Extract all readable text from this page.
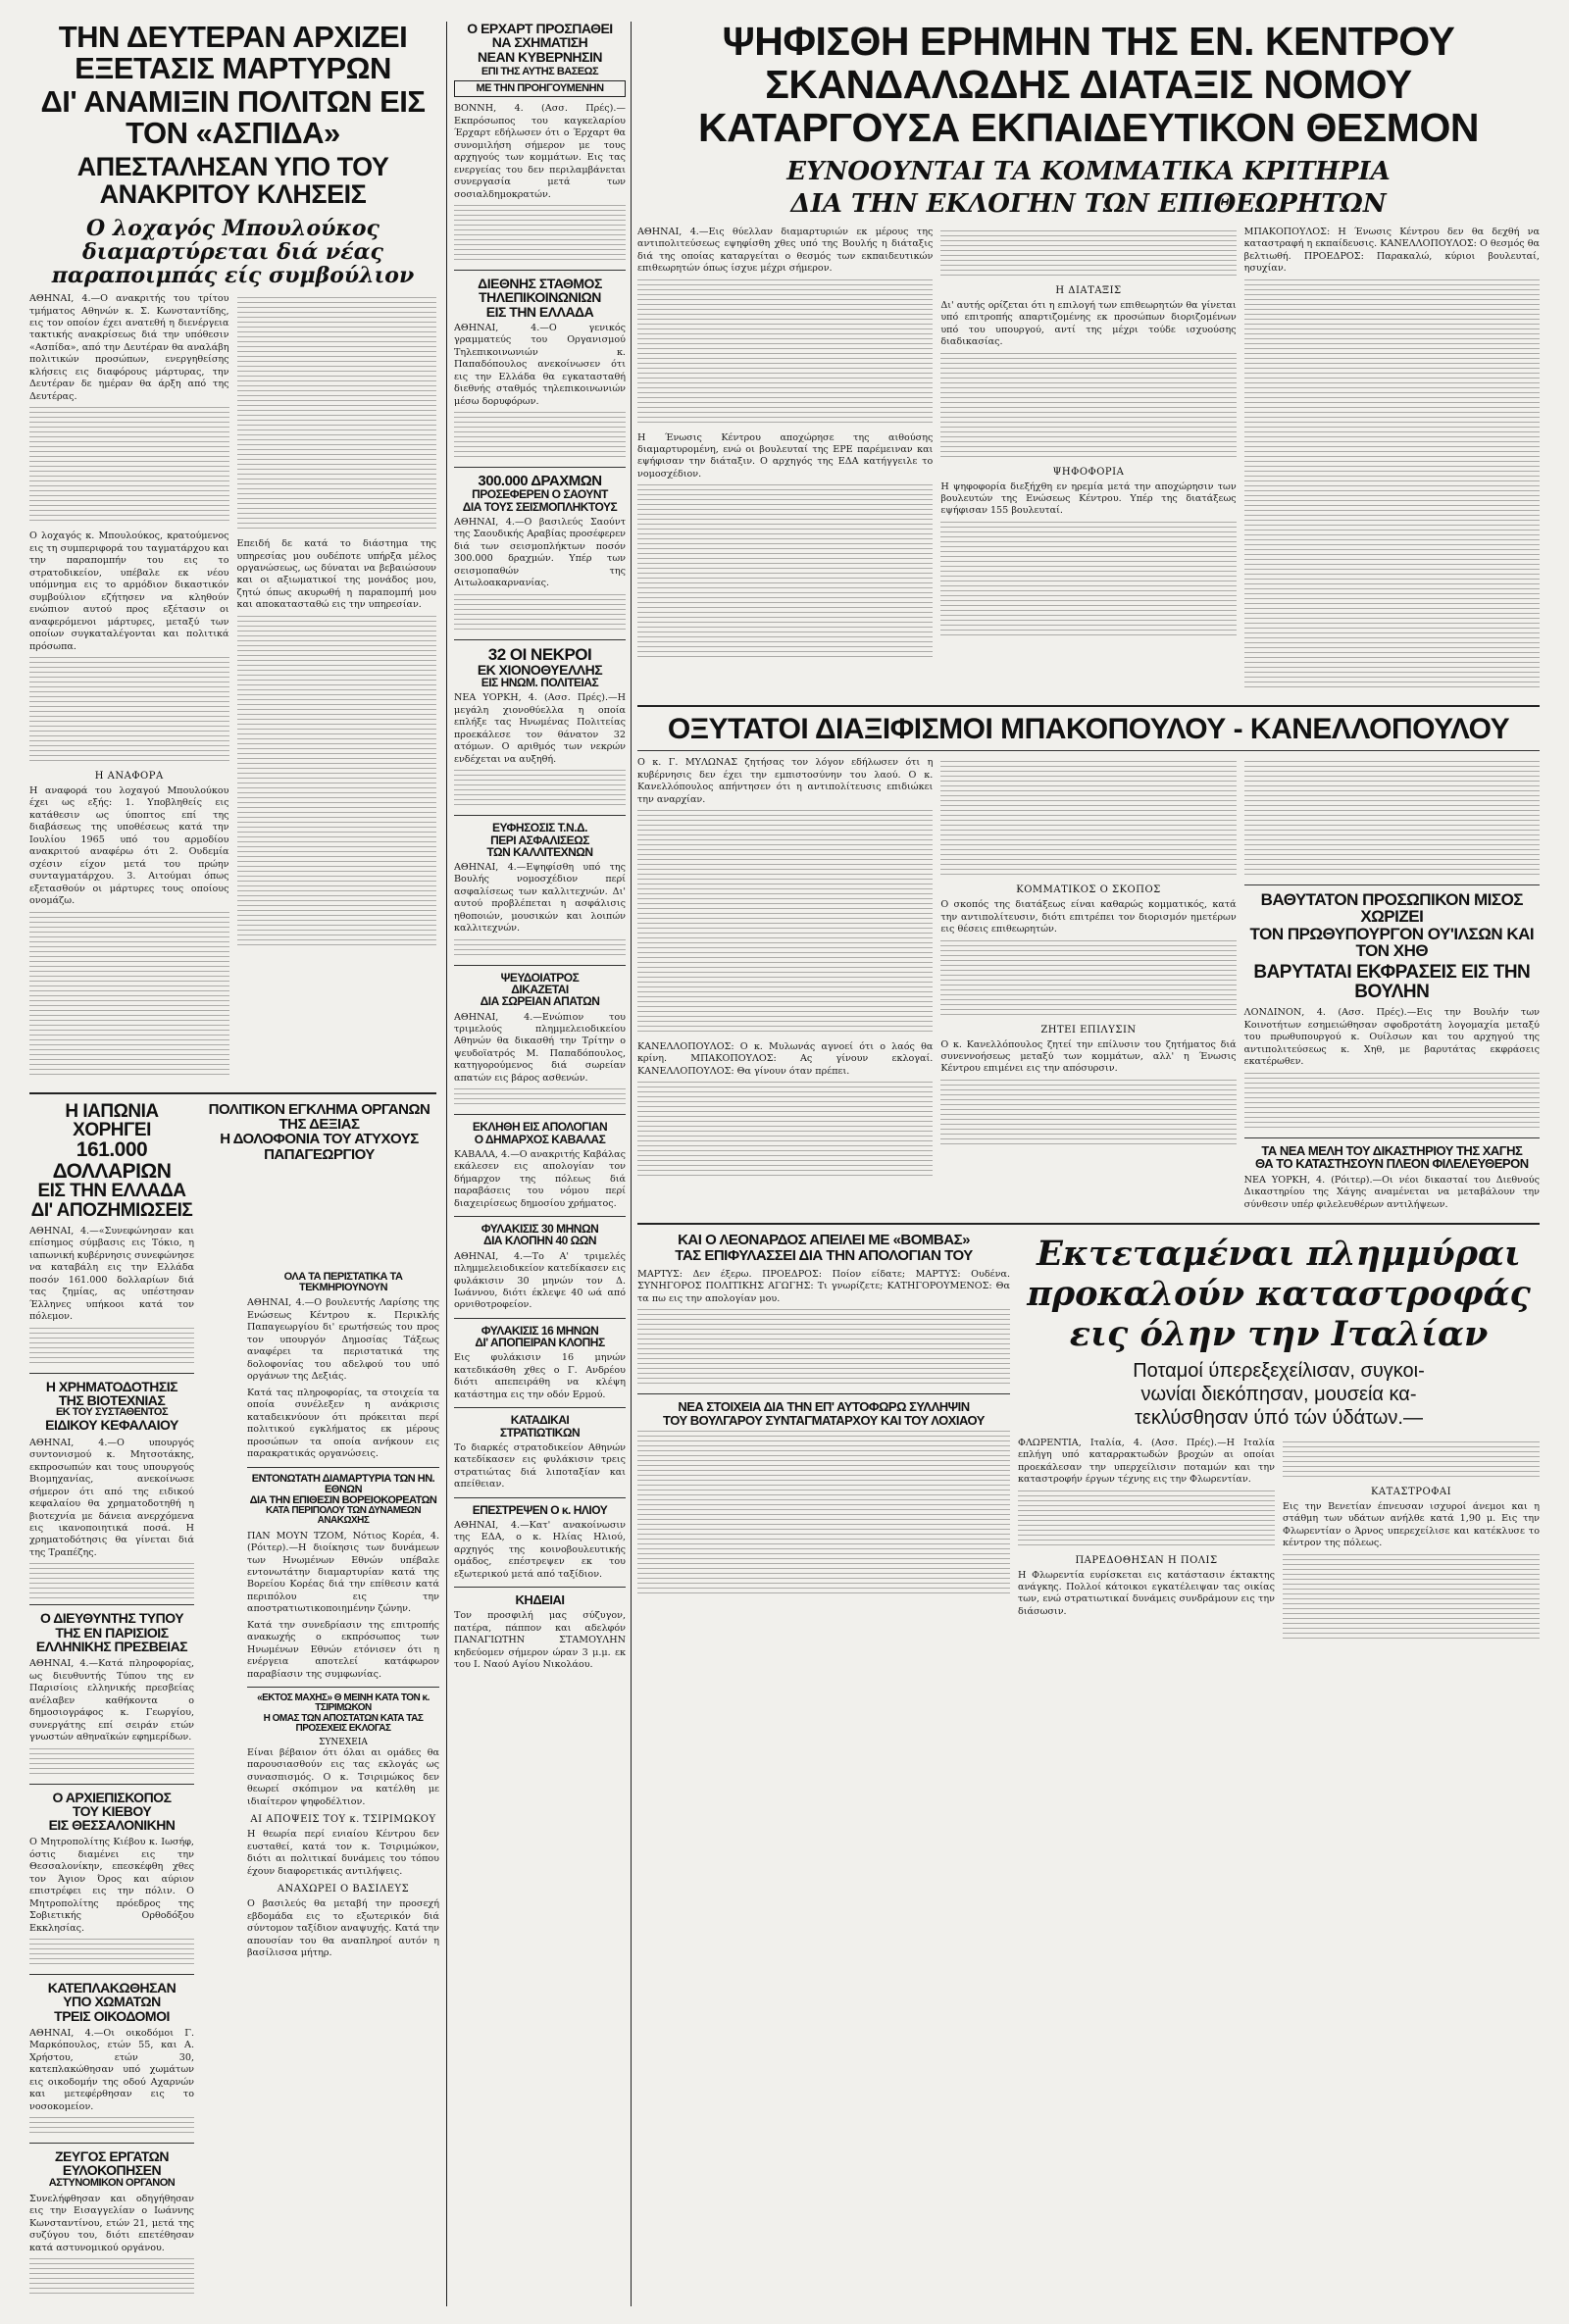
ΤΗΝ ΔΕΥΤΕΡΑΝ ΑΡΧΙΖΕΙ ΕΞΕΤΑΣΙΣ ΜΑΡΤΥΡΩΝ
ΔΙ' ΑΝΑΜΙΞΙΝ ΠΟΛΙΤΩΝ ΕΙΣ ΤΟΝ «ΑΣΠΙΔΑ»
ΑΠΕΣΤΑΛΗΣΑΝ ΥΠΟ ΤΟΥ ΑΝΑΚΡΙΤΟΥ ΚΛΗΣΕΙΣ
Ο λοχαγός Μπουλούκος διαμαρτύρεται διά νέας παραποιμπάς είς συμβούλιον

ΑΘΗΝΑΙ, 4.—Ο ανακριτής του τρίτου τμήματος Αθηνών κ. Σ. Κωνσταντίδης, εις τον οποίον έχει ανατεθή η διενέργεια τακτικής ανακρίσεως διά την υπόθεσιν «Ασπίδα», από την Δευτέραν θα αναλάβη πολιτικών προσώπων, ενεργηθείσης κλήσεις εις διαφόρους μάρτυρας, την Δευτέραν δε ημέραν θα άρξη από της Δευτέρας.

Ο λοχαγός κ. Μπουλούκος, κρατούμενος εις τη συμπεριφορά του ταγματάρχου και την παραπομπήν του εις το στρατοδικείον, υπέβαλε εκ νέου υπόμνημα εις το αρμόδιον δικαστικόν συμβούλιον εζήτησεν να κληθούν ενώπιον αυτού προς εξέτασιν οι αναφερόμενοι μάρτυρες, μεταξύ των οποίων συγκαταλέγονται και πολιτικά πρόσωπα.

Η ΑΝΑΦΟΡΑ

Η αναφορά του λοχαγού Μπουλούκου έχει ως εξής: 1. Υποβληθείς εις κατάθεσιν ως ύποπτος επί της διαβάσεως της υποθέσεως κατά την Ιουλίου 1965 υπό του αρμοδίου ανακριτού αναφέρω ότι 2. Ουδεμία σχέσιν είχον μετά του πρώην συνταγματάρχου. 3. Αιτούμαι όπως εξετασθούν οι μάρτυρες τους οποίους ονομάζω.

Επειδή δε κατά το διάστημα της υπηρεσίας μου ουδέποτε υπήρξα μέλος οργανώσεως, ως δύναται να βεβαιώσουν και οι αξιωματικοί της μονάδος μου, ζητώ όπως ακυρωθή η παραπομπή μου και αποκατασταθώ εις την υπηρεσίαν.

Η ΙΑΠΩΝΙΑ ΧΟΡΗΓΕΙ
161.000 ΔΟΛΛΑΡΙΩΝ
ΕΙΣ ΤΗΝ ΕΛΛΑΔΑ
ΔΙ' ΑΠΟΖΗΜΙΩΣΕΙΣ

ΑΘΗΝΑΙ, 4.—«Συνεφώνησαν και επίσημος σύμβασις εις Τόκιο, η ιαπωνική κυβέρνησις συνεφώνησε να καταβάλη εις την Ελλάδα ποσόν 161.000 δολλαρίων διά τας ζημίας, ας υπέστησαν Έλληνες υπήκοοι κατά τον πόλεμον.

Η ΧΡΗΜΑΤΟΔΟΤΗΣΙΣ
ΤΗΣ ΒΙΟΤΕΧΝΙΑΣ
ΕΚ ΤΟΥ ΣΥΣΤΑΘΕΝΤΟΣ
ΕΙΔΙΚΟΥ ΚΕΦΑΛΑΙΟΥ

ΑΘΗΝΑΙ, 4.—Ο υπουργός συντονισμού κ. Μητσοτάκης, εκπροσωπών και τους υπουργούς Βιομηχανίας, ανεκοίνωσε σήμερον ότι από της ειδικού κεφαλαίου θα χρηματοδοτηθή η βιοτεχνία με δάνεια ανερχόμενα εις ικανοποιητικά ποσά. Η χρηματοδότησις θα γίνεται διά της Τραπέζης.

Ο ΔΙΕΥΘΥΝΤΗΣ ΤΥΠΟΥ
ΤΗΣ ΕΝ ΠΑΡΙΣΙΟΙΣ
ΕΛΛΗΝΙΚΗΣ ΠΡΕΣΒΕΙΑΣ

ΑΘΗΝΑΙ, 4.—Κατά πληροφορίας, ως διευθυντής Τύπου της εν Παρισίοις ελληνικής πρεσβείας ανέλαβεν καθήκοντα ο δημοσιογράφος κ. Γεωργίου, συνεργάτης επί σειράν ετών γνωστών αθηναϊκών εφημερίδων.

Ο ΑΡΧΙΕΠΙΣΚΟΠΟΣ
ΤΟΥ ΚΙΕΒΟΥ
ΕΙΣ ΘΕΣΣΑΛΟΝΙΚΗΝ

Ο Μητροπολίτης Κιέβου κ. Ιωσήφ, όστις διαμένει εις την Θεσσαλονίκην, επεσκέφθη χθες τον Άγιον Όρος και αύριον επιστρέφει εις την πόλιν. Ο Μητροπολίτης πρόεδρος της Σοβιετικής Ορθοδόξου Εκκλησίας.

ΚΑΤΕΠΛΑΚΩΘΗΣΑΝ
ΥΠΟ ΧΩΜΑΤΩΝ
ΤΡΕΙΣ ΟΙΚΟΔΟΜΟΙ

ΑΘΗΝΑΙ, 4.—Οι οικοδόμοι Γ. Μαρκόπουλος, ετών 55, και Α. Χρήστου, ετών 30, κατεπλακώθησαν υπό χωμάτων εις οικοδομήν της οδού Αχαρνών και μετεφέρθησαν εις το νοσοκομείον.

ΖΕΥΓΟΣ ΕΡΓΑΤΩΝ
ΕΥΛΟΚΟΠΗΣΕΝ
ΑΣΤΥΝΟΜΙΚΟΝ ΟΡΓΑΝΟΝ

Συνελήφθησαν και οδηγήθησαν εις την Εισαγγελίαν ο Ιωάννης Κωνσταντίνου, ετών 21, μετά της συζύγου του, διότι επετέθησαν κατά αστυνομικού οργάνου.

ΠΟΛΙΤΙΚΟΝ ΕΓΚΛΗΜΑ ΟΡΓΑΝΩΝ ΤΗΣ ΔΕΞΙΑΣ
Η ΔΟΛΟΦΟΝΙΑ ΤΟΥ ΑΤΥΧΟΥΣ ΠΑΠΑΓΕΩΡΓΙΟΥ
Ο ΕΡΧΑΡΤ ΠΡΟΣΠΑΘΕΙ
ΝΑ ΣΧΗΜΑΤΙΣΗ
ΝΕΑΝ ΚΥΒΕΡΝΗΣΙΝ
ΕΠΙ ΤΗΣ ΑΥΤΗΣ ΒΑΣΕΩΣ
ΜΕ ΤΗΝ ΠΡΟΗΓΟΥΜΕΝΗΝ

ΒΟΝΝΗ, 4. (Ασσ. Πρές).—Εκπρόσωπος του καγκελαρίου Έρχαρτ εδήλωσεν ότι ο Έρχαρτ θα συνομιλήση σήμερον με τους αρχηγούς των κομμάτων. Εις τας ενεργείας του δεν περιλαμβάνεται συνεργασία μετά των σοσιαλδημοκρατών.

ΔΙΕΘΝΗΣ ΣΤΑΘΜΟΣ
ΤΗΛΕΠΙΚΟΙΝΩΝΙΩΝ
ΕΙΣ ΤΗΝ ΕΛΛΑΔΑ

ΑΘΗΝΑΙ, 4.—Ο γενικός γραμματεύς του Οργανισμού Τηλεπικοινωνιών κ. Παπαδόπουλος ανεκοίνωσεν ότι εις την Ελλάδα θα εγκατασταθή διεθνής σταθμός τηλεπικοινωνιών μέσω δορυφόρων.

300.000 ΔΡΑΧΜΩΝ
ΠΡΟΣΕΦΕΡΕΝ Ο ΣΑΟΥΝΤ
ΔΙΑ ΤΟΥΣ ΣΕΙΣΜΟΠΛΗΚΤΟΥΣ

ΑΘΗΝΑΙ, 4.—Ο βασιλεύς Σαούντ της Σαουδικής Αραβίας προσέφερεν διά των σεισμοπλήκτων ποσόν 300.000 δραχμών. Υπέρ των σεισμοπαθών της Αιτωλοακαρνανίας.

32 ΟΙ ΝΕΚΡΟΙ
ΕΚ ΧΙΟΝΟΘΥΕΛΛΗΣ
ΕΙΣ ΗΝΩΜ. ΠΟΛΙΤΕΙΑΣ

ΝΕΑ ΥΟΡΚΗ, 4. (Ασσ. Πρές).—Η μεγάλη χιονοθύελλα η οποία επλήξε τας Ηνωμένας Πολιτείας προεκάλεσε τον θάνατον 32 ατόμων. Ο αριθμός των νεκρών ενδέχεται να αυξηθή.

ΕΥΦΗΣΟΣΙΣ Τ.Ν.Δ.
ΠΕΡΙ ΑΣΦΑΛΙΣΕΩΣ
ΤΩΝ ΚΑΛΛΙΤΕΧΝΩΝ

ΑΘΗΝΑΙ, 4.—Εψηφίσθη υπό της Βουλής νομοσχέδιον περί ασφαλίσεως των καλλιτεχνών. Δι' αυτού προβλέπεται η ασφάλισις ηθοποιών, μουσικών και λοιπών καλλιτεχνών.

ΨΕΥΔΟΙΑΤΡΟΣ
ΔΙΚΑΖΕΤΑΙ
ΔΙΑ ΣΩΡΕΙΑΝ ΑΠΑΤΩΝ

ΑΘΗΝΑΙ, 4.—Ενώπιον του τριμελούς πλημμελειοδικείου Αθηνών θα δικασθή την Τρίτην ο ψευδοϊατρός Μ. Παπαδόπουλος, κατηγορούμενος διά σωρείαν απατών εις βάρος ασθενών.

ΕΚΛΗΘΗ ΕΙΣ ΑΠΟΛΟΓΙΑΝ
Ο ΔΗΜΑΡΧΟΣ ΚΑΒΑΛΑΣ

ΚΑΒΑΛΑ, 4.—Ο ανακριτής Καβάλας εκάλεσεν εις απολογίαν τον δήμαρχον της πόλεως διά παραβάσεις του νόμου περί διαχειρίσεως δημοσίου χρήματος.

ΦΥΛΑΚΙΣΙΣ 30 ΜΗΝΩΝ
ΔΙΑ ΚΛΟΠΗΝ 40 ΩΩΝ

ΑΘΗΝΑΙ, 4.—Το Α' τριμελές πλημμελειοδικείον κατεδίκασεν εις φυλάκισιν 30 μηνών τον Δ. Ιωάννου, διότι έκλεψε 40 ωά από ορνιθοτροφείον.

ΦΥΛΑΚΙΣΙΣ 16 ΜΗΝΩΝ
ΔΙ' ΑΠΟΠΕΙΡΑΝ ΚΛΟΠΗΣ

Εις φυλάκισιν 16 μηνών κατεδικάσθη χθες ο Γ. Ανδρέου διότι απεπειράθη να κλέψη κατάστημα εις την οδόν Ερμού.

ΚΑΤΑΔΙΚΑΙ
ΣΤΡΑΤΙΩΤΙΚΩΝ

Το διαρκές στρατοδικείον Αθηνών κατεδίκασεν εις φυλάκισιν τρεις στρατιώτας διά λιποταξίαν και απείθειαν.

ΕΠΕΣΤΡΕΨΕΝ Ο κ. ΗΛΙΟΥ

ΑΘΗΝΑΙ, 4.—Κατ' ανακοίνωσιν της ΕΔΑ, ο κ. Ηλίας Ηλιού, αρχηγός της κοινοβουλευτικής ομάδος, επέστρεψεν εκ του εξωτερικού μετά από ταξίδιον.

ΚΗΔΕΙΑΙ

Τον προσφιλή μας σύζυγον, πατέρα, πάππον και αδελφόν ΠΑΝΑΓΙΩΤΗΝ ΣΤΑΜΟΥΛΗΝ κηδεύομεν σήμερον ώραν 3 μ.μ. εκ του Ι. Ναού Αγίου Νικολάου.

ΨΗΦΙΣΘΗ ΕΡΗΜΗΝ ΤΗΣ ΕΝ. ΚΕΝΤΡΟΥ
ΣΚΑΝΔΑΛΩΔΗΣ ΔΙΑΤΑΞΙΣ ΝΟΜΟΥ
ΚΑΤΑΡΓΟΥΣΑ ΕΚΠΑΙΔΕΥΤΙΚΟΝ ΘΕΣΜΟΝ
ΕΥΝΟΟΥΝΤΑΙ ΤΑ ΚΟΜΜΑΤΙΚΑ ΚΡΙΤΗΡΙΑ
ΔΙΑ ΤΗΝ ΕΚΛΟΓΗΝ ΤΩΝ ΕΠΙΘΕΩΡΗΤΩΝ

ΑΘΗΝΑΙ, 4.—Εις θύελλαν διαμαρτυριών εκ μέρους της αντιπολιτεύσεως εψηφίσθη χθες υπό της Βουλής η διάταξις διά της οποίας καταργείται ο θεσμός των εκπαιδευτικών επιθεωρητών όπως ίσχυε μέχρι σήμερον.

Η Ένωσις Κέντρου αποχώρησε της αιθούσης διαμαρτυρομένη, ενώ οι βουλευταί της ΕΡΕ παρέμειναν και εψήφισαν την διάταξιν. Ο αρχηγός της ΕΔΑ κατήγγειλε το νομοσχέδιον.

Η ΔΙΑΤΑΞΙΣ

Δι' αυτής ορίζεται ότι η επιλογή των επιθεωρητών θα γίνεται υπό επιτροπής απαρτιζομένης εκ προσώπων διοριζομένων υπό του υπουργού, αντί της μέχρι τούδε ισχυούσης διαδικασίας.

ΨΗΦΟΦΟΡΙΑ

Η ψηφοφορία διεξήχθη εν ηρεμία μετά την αποχώρησιν των βουλευτών της Ενώσεως Κέντρου. Υπέρ της διατάξεως εψήφισαν 155 βουλευταί.

ΜΠΑΚΟΠΟΥΛΟΣ: Η Ένωσις Κέντρου δεν θα δεχθή να καταστραφή η εκπαίδευσις. ΚΑΝΕΛΛΟΠΟΥΛΟΣ: Ο θεσμός θα βελτιωθή. ΠΡΟΕΔΡΟΣ: Παρακαλώ, κύριοι βουλευταί, ησυχίαν.

ΟΞΥΤΑΤΟΙ ΔΙΑΞΙΦΙΣΜΟΙ ΜΠΑΚΟΠΟΥΛΟΥ - ΚΑΝΕΛΛΟΠΟΥΛΟΥ

Ο κ. Γ. ΜΥΛΩΝΑΣ ζητήσας τον λόγον εδήλωσεν ότι η κυβέρνησις δεν έχει την εμπιστοσύνην του λαού. Ο κ. Κανελλόπουλος απήντησεν ότι η αντιπολίτευσις επιδιώκει την αναρχίαν.

ΚΑΝΕΛΛΟΠΟΥΛΟΣ: Ο κ. Μυλωνάς αγνοεί ότι ο λαός θα κρίνη. ΜΠΑΚΟΠΟΥΛΟΣ: Ας γίνουν εκλογαί. ΚΑΝΕΛΛΟΠΟΥΛΟΣ: Θα γίνουν όταν πρέπει.

ΚΟΜΜΑΤΙΚΟΣ Ο ΣΚΟΠΟΣ

Ο σκοπός της διατάξεως είναι καθαρώς κομματικός, κατά την αντιπολίτευσιν, διότι επιτρέπει τον διορισμόν ημετέρων εις θέσεις επιθεωρητών.

ΖΗΤΕΙ ΕΠΙΛΥΣΙΝ

Ο κ. Κανελλόπουλος ζητεί την επίλυσιν του ζητήματος διά συνεννοήσεως μεταξύ των κομμάτων, αλλ' η Ένωσις Κέντρου επιμένει εις την απόσυρσιν.

ΒΑΘΥΤΑΤΟΝ ΠΡΟΣΩΠΙΚΟΝ ΜΙΣΟΣ ΧΩΡΙΖΕΙ
ΤΟΝ ΠΡΩΘΥΠΟΥΡΓΟΝ ΟΥ'ΙΛΣΩΝ ΚΑΙ ΤΟΝ ΧΗΘ
ΒΑΡΥΤΑΤΑΙ ΕΚΦΡΑΣΕΙΣ ΕΙΣ ΤΗΝ ΒΟΥΛΗΝ

ΛΟΝΔΙΝΟΝ, 4. (Ασσ. Πρές).—Εις την Βουλήν των Κοινοτήτων εσημειώθησαν σφοδροτάτη λογομαχία μεταξύ του πρωθυπουργού κ. Ουίλσων και του αρχηγού της αντιπολιτεύσεως κ. Χηθ, με βαρυτάτας εκφράσεις εκατέρωθεν.

ΤΑ ΝΕΑ ΜΕΛΗ ΤΟΥ ΔΙΚΑΣΤΗΡΙΟΥ ΤΗΣ ΧΑΓΗΣ
ΘΑ ΤΟ ΚΑΤΑΣΤΗΣΟΥΝ ΠΛΕΟΝ ΦΙΛΕΛΕΥΘΕΡΟΝ

ΝΕΑ ΥΟΡΚΗ, 4. (Ρόιτερ).—Οι νέοι δικασταί του Διεθνούς Δικαστηρίου της Χάγης αναμένεται να μεταβάλουν την σύνθεσιν υπέρ φιλελευθέρων αντιλήψεων.

ΚΑΙ Ο ΛΕΟΝΑΡΔΟΣ ΑΠΕΙΛΕΙ ΜΕ «ΒΟΜΒΑΣ»
ΤΑΣ ΕΠΙΦΥΛΑΣΣΕΙ ΔΙΑ ΤΗΝ ΑΠΟΛΟΓΙΑΝ ΤΟΥ

ΜΑΡΤΥΣ: Δεν έξερω. ΠΡΟΕΔΡΟΣ: Ποίον είδατε; ΜΑΡΤΥΣ: Ουδένα. ΣΥΝΗΓΟΡΟΣ ΠΟΛΙΤΙΚΗΣ ΑΓΩΓΗΣ: Τι γνωρίζετε; ΚΑΤΗΓΟΡΟΥΜΕΝΟΣ: Θα τα πω εις την απολογίαν μου.

ΝΕΑ ΣΤΟΙΧΕΙΑ ΔΙΑ ΤΗΝ ΕΠ' ΑΥΤΟΦΩΡΩ ΣΥΛΛΗΨΙΝ
ΤΟΥ ΒΟΥΛΓΑΡΟΥ ΣΥΝΤΑΓΜΑΤΑΡΧΟΥ ΚΑΙ ΤΟΥ ΛΟΧΙΑΟΥ
Εκτεταμέναι πλημμύραι
προκαλούν καταστροφάς
εις όλην την Ιταλίαν
Ποταμοί ύπερεξεχείλισαν, συγκοι-
νωνίαι διεκόπησαν, μουσεία κα-
τεκλύσθησαν ύπό τών ύδάτων.—

ΦΛΩΡΕΝΤΙΑ, Ιταλία, 4. (Ασσ. Πρές).—Η Ιταλία επλήγη υπό καταρρακτωδών βροχών αι οποίαι προεκάλεσαν την υπερχείλισιν ποταμών και την καταστροφήν έργων τέχνης εις την Φλωρεντίαν.

ΠΑΡΕΔΟΘΗΣΑΝ Η ΠΟΛΙΣ

Η Φλωρεντία ευρίσκεται εις κατάστασιν έκτακτης ανάγκης. Πολλοί κάτοικοι εγκατέλειψαν τας οικίας των, ενώ στρατιωτικαί δυνάμεις συνδράμουν εις την διάσωσιν.

ΚΑΤΑΣΤΡΟΦΑΙ

Εις την Βενετίαν έπνευσαν ισχυροί άνεμοι και η στάθμη των υδάτων ανήλθε κατά 1,90 μ. Εις την Φλωρεντίαν ο Άρνος υπερεχείλισε και κατέκλυσε το κέντρον της πόλεως.

ΟΛΑ ΤΑ ΠΕΡΙΣΤΑΤΙΚΑ ΤΑ ΤΕΚΜΗΡΙΟΥΝΟΥΝ

ΑΘΗΝΑΙ, 4.—Ο βουλευτής Λαρίσης της Ενώσεως Κέντρου κ. Περικλής Παπαγεωργίου δι' ερωτήσεώς του προς τον υπουργόν Δημοσίας Τάξεως αναφέρει τα περιστατικά της δολοφονίας του αδελφού του υπό οργάνων της Δεξιάς.

Κατά τας πληροφορίας, τα στοιχεία τα οποία συνέλεξεν η ανάκρισις καταδεικνύουν ότι πρόκειται περί πολιτικού εγκλήματος εκ μέρους προσώπων τα οποία ανήκουν εις παρακρατικάς οργανώσεις.

ΕΝΤΟΝΩΤΑΤΗ ΔΙΑΜΑΡΤΥΡΙΑ ΤΩΝ ΗΝ. ΕΘΝΩΝ
ΔΙΑ ΤΗΝ ΕΠΙΘΕΣΙΝ ΒΟΡΕΙΟΚΟΡΕΑΤΩΝ
ΚΑΤΑ ΠΕΡΙΠΟΛΟΥ ΤΩΝ ΔΥΝΑΜΕΩΝ ΑΝΑΚΩΧΗΣ

ΠΑΝ ΜΟΥΝ ΤΖΟΜ, Νότιος Κορέα, 4. (Ρόιτερ).—Η διοίκησις των δυνάμεων των Ηνωμένων Εθνών υπέβαλε εντονωτάτην διαμαρτυρίαν κατά της Βορείου Κορέας διά την επίθεσιν κατά περιπόλου εις την αποστρατιωτικοποιημένην ζώνην.

Κατά την συνεδρίασιν της επιτροπής ανακωχής ο εκπρόσωπος των Ηνωμένων Εθνών ετόνισεν ότι η ενέργεια αποτελεί κατάφωρον παραβίασιν της συμφωνίας.

«ΕΚΤΟΣ ΜΑΧΗΣ» Θ ΜΕΙΝΗ ΚΑΤΑ ΤΟΝ κ. ΤΣΙΡΙΜΩΚΟΝ
Η ΟΜΑΣ ΤΩΝ ΑΠΟΣΤΑΤΩΝ ΚΑΤΑ ΤΑΣ ΠΡΟΣΕΧΕΙΣ ΕΚΛΟΓΑΣ
ΣΥΝΕΧΕΙΑ

Είναι βέβαιον ότι όλαι αι ομάδες θα παρουσιασθούν εις τας εκλογάς ως συνασπισμός. Ο κ. Τσιριμώκος δεν θεωρεί σκόπιμον να κατέλθη με ιδιαίτερον ψηφοδέλτιον.

ΑΙ ΑΠΟΨΕΙΣ ΤΟΥ κ. ΤΣΙΡΙΜΩΚΟΥ

Η θεωρία περί ενιαίου Κέντρου δεν ευσταθεί, κατά τον κ. Τσιριμώκον, διότι αι πολιτικαί δυνάμεις του τόπου έχουν διαφορετικάς αντιλήψεις.

ΑΝΑΧΩΡΕΙ Ο ΒΑΣΙΛΕΥΣ

Ο βασιλεύς θα μεταβή την προσεχή εβδομάδα εις το εξωτερικόν διά σύντομον ταξίδιον αναψυχής. Κατά την απουσίαν του θα αναπληροί αυτόν η βασίλισσα μήτηρ.
